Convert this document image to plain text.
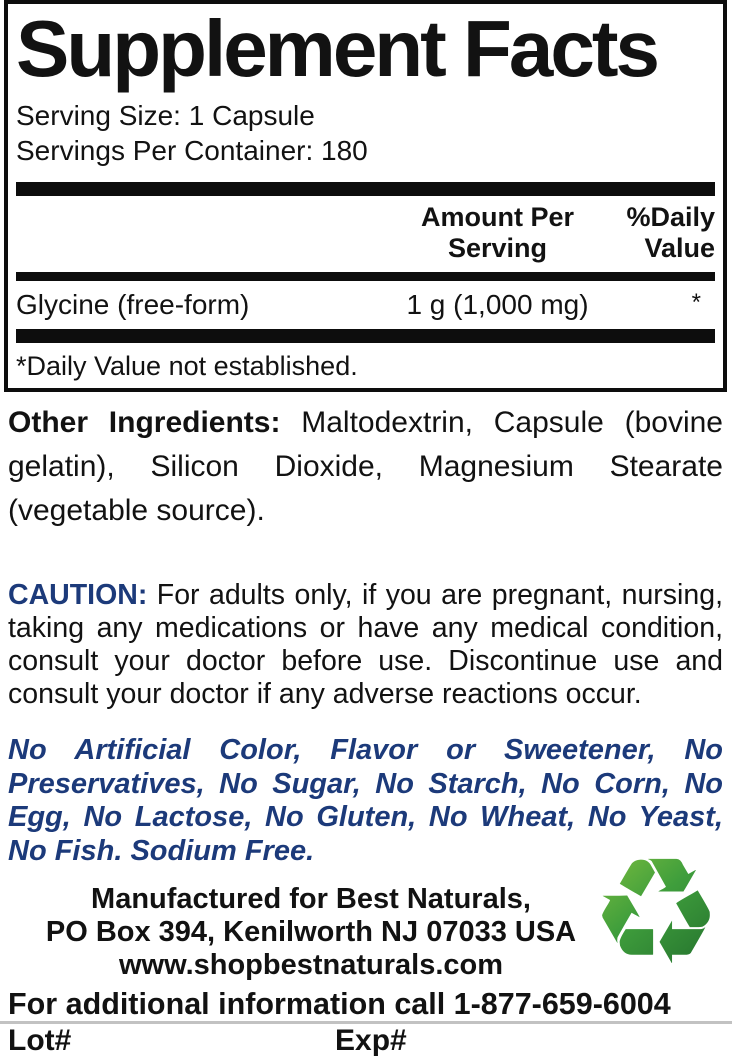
Supplement Facts
Serving Size: 1 Capsule
Servings Per Container: 180
Amount Per Serving
%Daily Value
Glycine (free-form)	1 g (1,000 mg)	*
*Daily Value not established.

Other Ingredients: Maltodextrin, Capsule (bovine gelatin), Silicon Dioxide, Magnesium Stearate (vegetable source).

CAUTION: For adults only, if you are pregnant, nursing, taking any medications or have any medical condition, consult your doctor before use. Discontinue use and consult your doctor if any adverse reactions occur.

No Artificial Color, Flavor or Sweetener, No Preservatives, No Sugar, No Starch, No Corn, No Egg, No Lactose, No Gluten, No Wheat, No Yeast, No Fish. Sodium Free.

Manufactured for Best Naturals,
PO Box 394, Kenilworth NJ 07033 USA
www.shopbestnaturals.com
For additional information call 1-877-659-6004
Lot#	Exp#
♻
